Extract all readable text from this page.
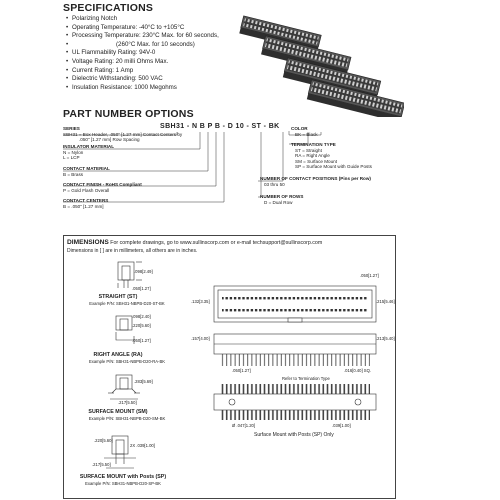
SPECIFICATIONS
• Polarizing Notch
• Operating Temperature: -40°C to +105°C
• Processing Temperature: 230°C Max. for 60 seconds,
• (260°C Max. for 10 seconds)
• UL Flammability Rating: 94V-0
• Voltage Rating: 20 milli Ohms Max.
• Current Rating: 1 Amp
• Dielectric Withstanding: 500 VAC
• Insulation Resistance: 1000 Megohms
PART NUMBER OPTIONS
SBH31 - N B P B - D 10 - ST - BK
SERIES
SBH31 = Box Header, .050" [1.27 mm] Contact Centers by
.050" [1.27 mm] Row Spacing
INSULATOR MATERIAL
N = Nylon
L = LCP
CONTACT MATERIAL
B = Brass
CONTACT FINISH - RoHS Compliant
P = Gold Flash Overall
CONTACT CENTERS
B = .050" [1.27 mm]
COLOR
BK = Black
TERMINATION TYPE
ST = Straight
RA = Right Angle
SM = Surface Mount
SP = Surface Mount with Guide Posts
NUMBER OF CONTACT POSITIONS (Pins per Row)
03 thru 50
NUMBER OF ROWS
D = Dual Row
DIMENSIONS For complete drawings, go to www.sullinscorp.com or e-mail techsupport@sullinscorp.com
Dimensions in [ ] are in millimeters, all others are in inches.
.098[2.49]
.050[1.27]
STRAIGHT (ST)
Example P/N: SBH31-NBPB-D20-ST-BK
.098[2.40]
.220[5.60]
.050[1.27]
RIGHT ANGLE (RA)
Example P/N: SBH31-NBPB-D20-RA-BK
.283[5.69]
.217[5.50]
SURFACE MOUNT (SM)
Example P/N: SBH31-NBPB-D20-SM-BK
.220[5.60]
2X .039[1.00]
.217[5.50]
SURFACE MOUNT with Posts (SP)
Example P/N: SBH31-NBPB-D20-SP-BK
.050[1.27]
.132[3.35]	.215[5.46]
.157[4.00]	.213[5.40]
.050[1.27]
Refer to Termination Type
.016[0.40] SQ.
Ø .047[1.20]	.039[1.00]
Surface Mount with Posts (SP) Only
